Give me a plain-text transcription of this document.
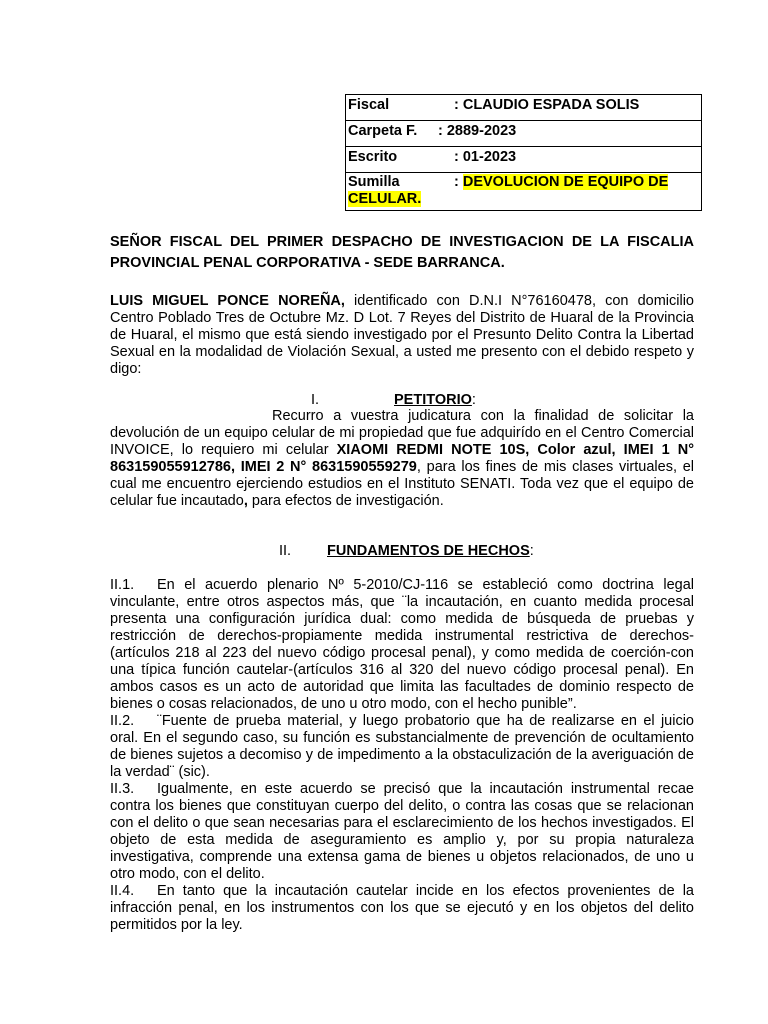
Fiscal	: CLAUDIO ESPADA SOLIS
Carpeta F. : 2889-2023
Escrito	: 01-2023
Sumilla	: DEVOLUCION DE EQUIPO DE
CELULAR.
SEÑOR FISCAL DEL PRIMER DESPACHO DE INVESTIGACION DE LA FISCALIA PROVINCIAL PENAL CORPORATIVA - SEDE BARRANCA.
LUIS MIGUEL PONCE NOREÑA, identificado con D.N.I N°76160478, con domicilio Centro Poblado Tres de Octubre Mz. D Lot. 7 Reyes del Distrito de Huaral de la Provincia de Huaral, el mismo que está siendo investigado por el Presunto Delito Contra la Libertad Sexual en la modalidad de Violación Sexual, a usted me presento con el debido respeto y digo:
I.	PETITORIO:
Recurro a vuestra judicatura con la finalidad de solicitar la devolución de un equipo celular de mi propiedad que fue adquirído en el Centro Comercial INVOICE, lo requiero mi celular XIAOMI REDMI NOTE 10S, Color azul, IMEI 1 N° 863159055912786, IMEI 2 N° 8631590559279, para los fines de mis clases virtuales, el cual me encuentro ejerciendo estudios en el Instituto SENATI. Toda vez que el equipo de celular fue incautado, para efectos de investigación.
II. FUNDAMENTOS DE HECHOS:
II.1. En el acuerdo plenario Nº 5-2010/CJ-116 se estableció como doctrina legal vinculante, entre otros aspectos más, que ¨la incautación, en cuanto medida procesal presenta una configuración jurídica dual: como medida de búsqueda de pruebas y restricción de derechos-propiamente medida instrumental restrictiva de derechos-(artículos 218 al 223 del nuevo código procesal penal), y como medida de coerción-con una típica función cautelar-(artículos 316 al 320 del nuevo código procesal penal). En ambos casos es un acto de autoridad que limita las facultades de dominio respecto de bienes o cosas relacionados, de uno u otro modo, con el hecho punible”.
II.2. ¨Fuente de prueba material, y luego probatorio que ha de realizarse en el juicio oral. En el segundo caso, su función es substancialmente de prevención de ocultamiento de bienes sujetos a decomiso y de impedimento a la obstaculización de la averiguación de la verdad¨ (sic).
II.3. Igualmente, en este acuerdo se precisó que la incautación instrumental recae contra los bienes que constituyan cuerpo del delito, o contra las cosas que se relacionan con el delito o que sean necesarias para el esclarecimiento de los hechos investigados. El objeto de esta medida de aseguramiento es amplio y, por su propia naturaleza investigativa, comprende una extensa gama de bienes u objetos relacionados, de uno u otro modo, con el delito.
II.4. En tanto que la incautación cautelar incide en los efectos provenientes de la infracción penal, en los instrumentos con los que se ejecutó y en los objetos del delito permitidos por la ley.
